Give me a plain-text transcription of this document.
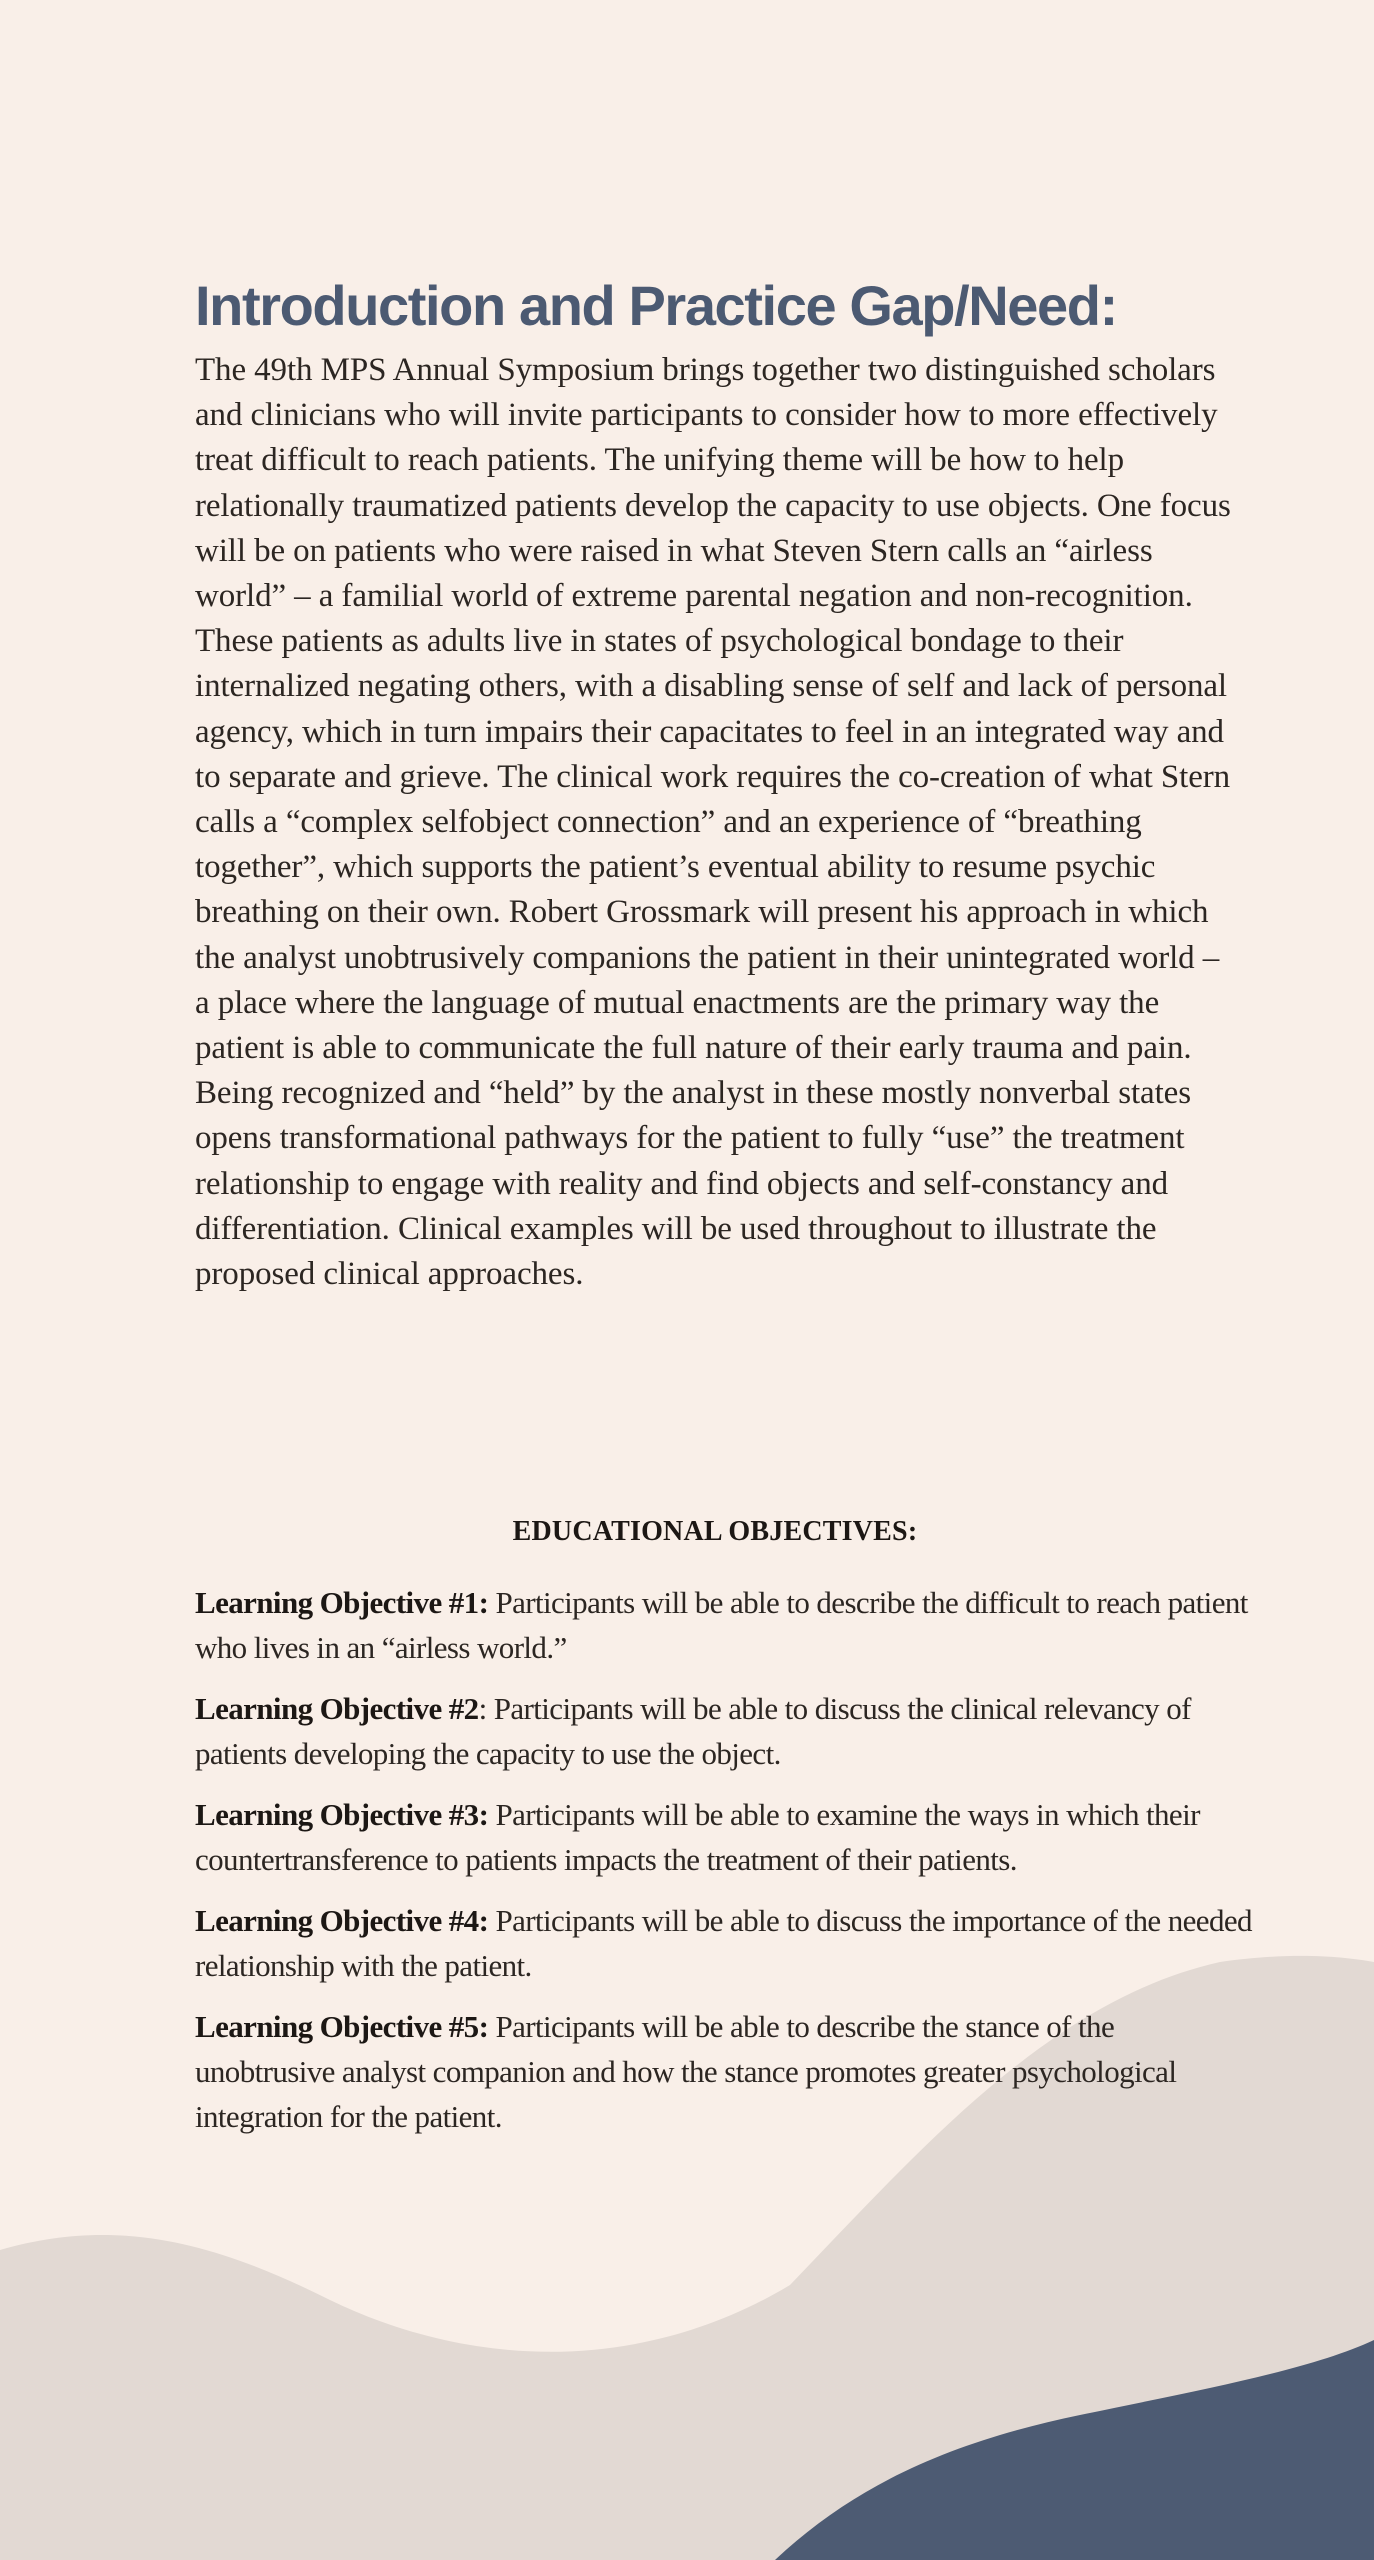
Introduction and Practice Gap/Need:

The 49th MPS Annual Symposium brings together two distinguished scholars and clinicians who will invite participants to consider how to more effectively treat difficult to reach patients. The unifying theme will be how to help relationally traumatized patients develop the capacity to use objects. One focus will be on patients who were raised in what Steven Stern calls an “airless world” – a familial world of extreme parental negation and non-recognition. These patients as adults live in states of psychological bondage to their internalized negating others, with a disabling sense of self and lack of personal agency, which in turn impairs their capacitates to feel in an integrated way and to separate and grieve. The clinical work requires the co-creation of what Stern calls a “complex selfobject connection” and an experience of “breathing together”, which supports the patient’s eventual ability to resume psychic breathing on their own. Robert Grossmark will present his approach in which the analyst unobtrusively companions the patient in their unintegrated world – a place where the language of mutual enactments are the primary way the patient is able to communicate the full nature of their early trauma and pain. Being recognized and “held” by the analyst in these mostly nonverbal states opens transformational pathways for the patient to fully “use” the treatment relationship to engage with reality and find objects and self-constancy and differentiation. Clinical examples will be used throughout to illustrate the proposed clinical approaches.

EDUCATIONAL OBJECTIVES:
Learning Objective #1: Participants will be able to describe the difficult to reach patient who lives in an “airless world.”
Learning Objective #2: Participants will be able to discuss the clinical relevancy of patients developing the capacity to use the object.
Learning Objective #3: Participants will be able to examine the ways in which their countertransference to patients impacts the treatment of their patients.
Learning Objective #4: Participants will be able to discuss the importance of the needed relationship with the patient.
Learning Objective #5: Participants will be able to describe the stance of the unobtrusive analyst companion and how the stance promotes greater psychological integration for the patient.
